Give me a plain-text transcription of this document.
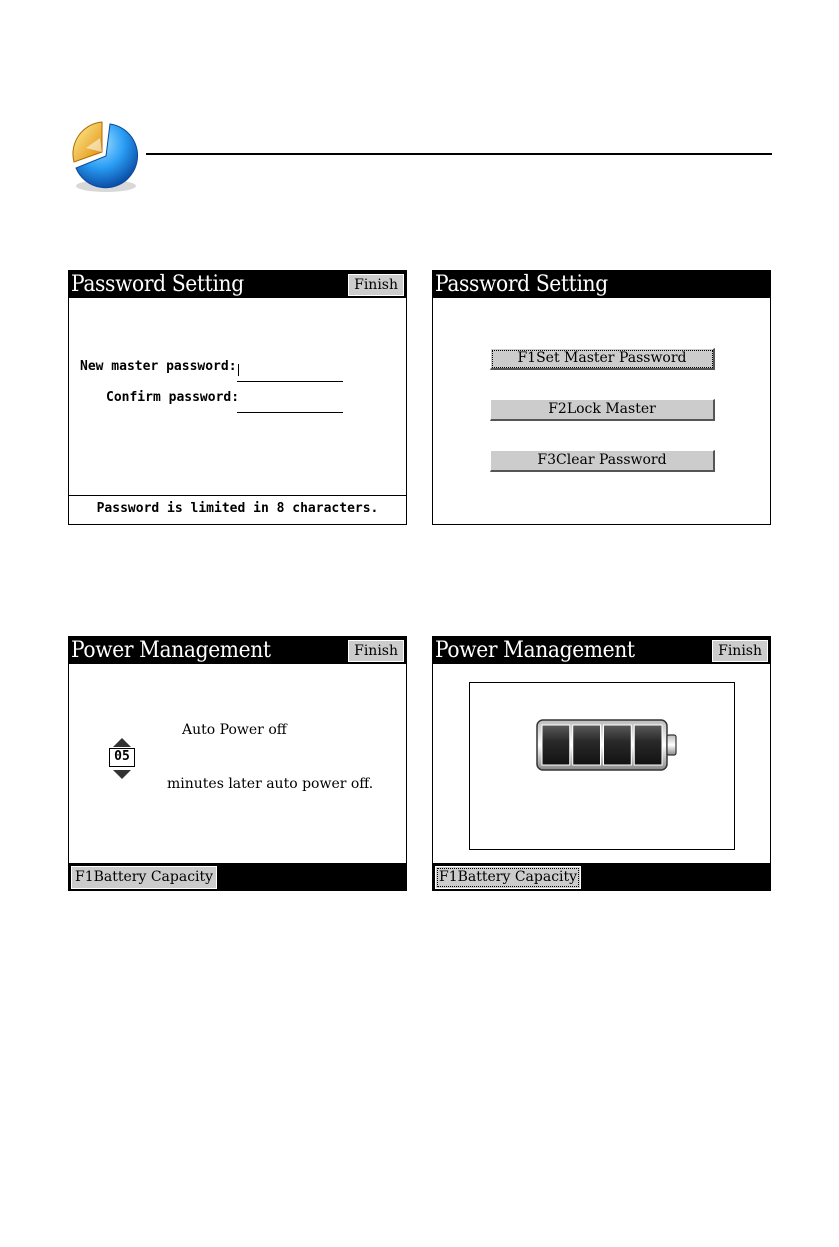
Password Setting	Finish
New master password:
Confirm password:
Password is limited in 8 characters.
Password Setting
F1Set Master Password
F2Lock Master
F3Clear Password
Power Management	Finish
Auto Power off
05
minutes later auto power off.
F1Battery Capacity
Power Management	Finish
F1Battery Capacity
